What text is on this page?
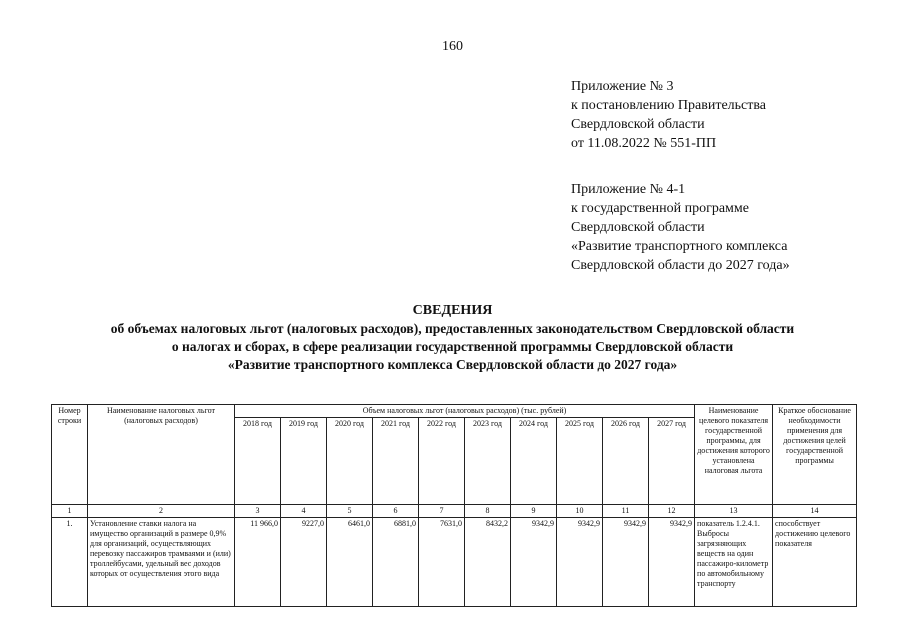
160
Приложение № 3
к постановлению Правительства
Свердловской области
от 11.08.2022 № 551-ПП
Приложение № 4-1
к государственной программе
Свердловской области
«Развитие транспортного комплекса
Свердловской области до 2027 года»
СВЕДЕНИЯ
об объемах налоговых льгот (налоговых расходов), предоставленных законодательством Свердловской области
о налогах и сборах, в сфере реализации государственной программы Свердловской области
«Развитие транспортного комплекса Свердловской области до 2027 года»
Номер строки	Наименование налоговых льгот (налоговых расходов)	Объем налоговых льгот (налоговых расходов) (тыс. рублей)										Наименование целевого показателя государственной программы, для достижения которого установлена налоговая льгота	Краткое обоснование необходимости применения для достижения целей государственной программы
		2018 год	2019 год	2020 год	2021 год	2022 год	2023 год	2024 год	2025 год	2026 год	2027 год		
1	2	3	4	5	6	7	8	9	10	11	12	13	14
1.	Установление ставки налога на имущество организаций в размере 0,9% для организаций, осуществляющих перевозку пассажиров трамваями и (или) троллейбусами, удельный вес доходов которых от осуществления этого вида	11 966,0	9227,0	6461,0	6881,0	7631,0	8432,2	9342,9	9342,9	9342,9	9342,9	показатель 1.2.4.1. Выбросы загрязняющих веществ на один пассажиро-километр по автомобильному транспорту	способствует достижению целевого показателя
